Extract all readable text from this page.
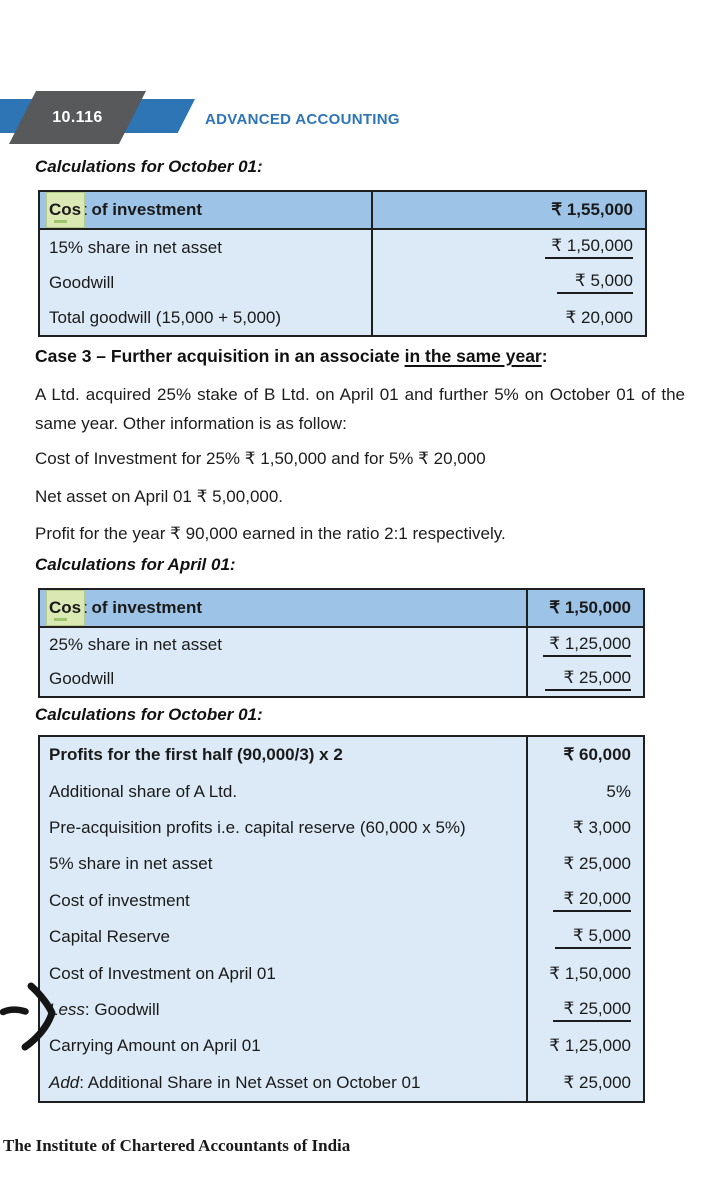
10.116	ADVANCED ACCOUNTING
Calculations for October 01:
Cost of investment	₹ 1,55,000
15% share in net asset	₹ 1,50,000
Goodwill	₹ 5,000
Total goodwill (15,000 + 5,000)	₹ 20,000
Case 3 – Further acquisition in an associate in the same year:
A Ltd. acquired 25% stake of B Ltd. on April 01 and further 5% on October 01 of the same year. Other information is as follow:
Cost of Investment for 25% ₹ 1,50,000 and for 5% ₹ 20,000
Net asset on April 01 ₹ 5,00,000.
Profit for the year ₹ 90,000 earned in the ratio 2:1 respectively.
Calculations for April 01:
Cost of investment	₹ 1,50,000
25% share in net asset	₹ 1,25,000
Goodwill	₹ 25,000
Calculations for October 01:
Profits for the first half (90,000/3) x 2	₹ 60,000
Additional share of A Ltd.	5%
Pre-acquisition profits i.e. capital reserve (60,000 x 5%)	₹ 3,000
5% share in net asset	₹ 25,000
Cost of investment	₹ 20,000
Capital Reserve	₹ 5,000
Cost of Investment on April 01	₹ 1,50,000
Less: Goodwill	₹ 25,000
Carrying Amount on April 01	₹ 1,25,000
Add: Additional Share in Net Asset on October 01	₹ 25,000
The Institute of Chartered Accountants of India
